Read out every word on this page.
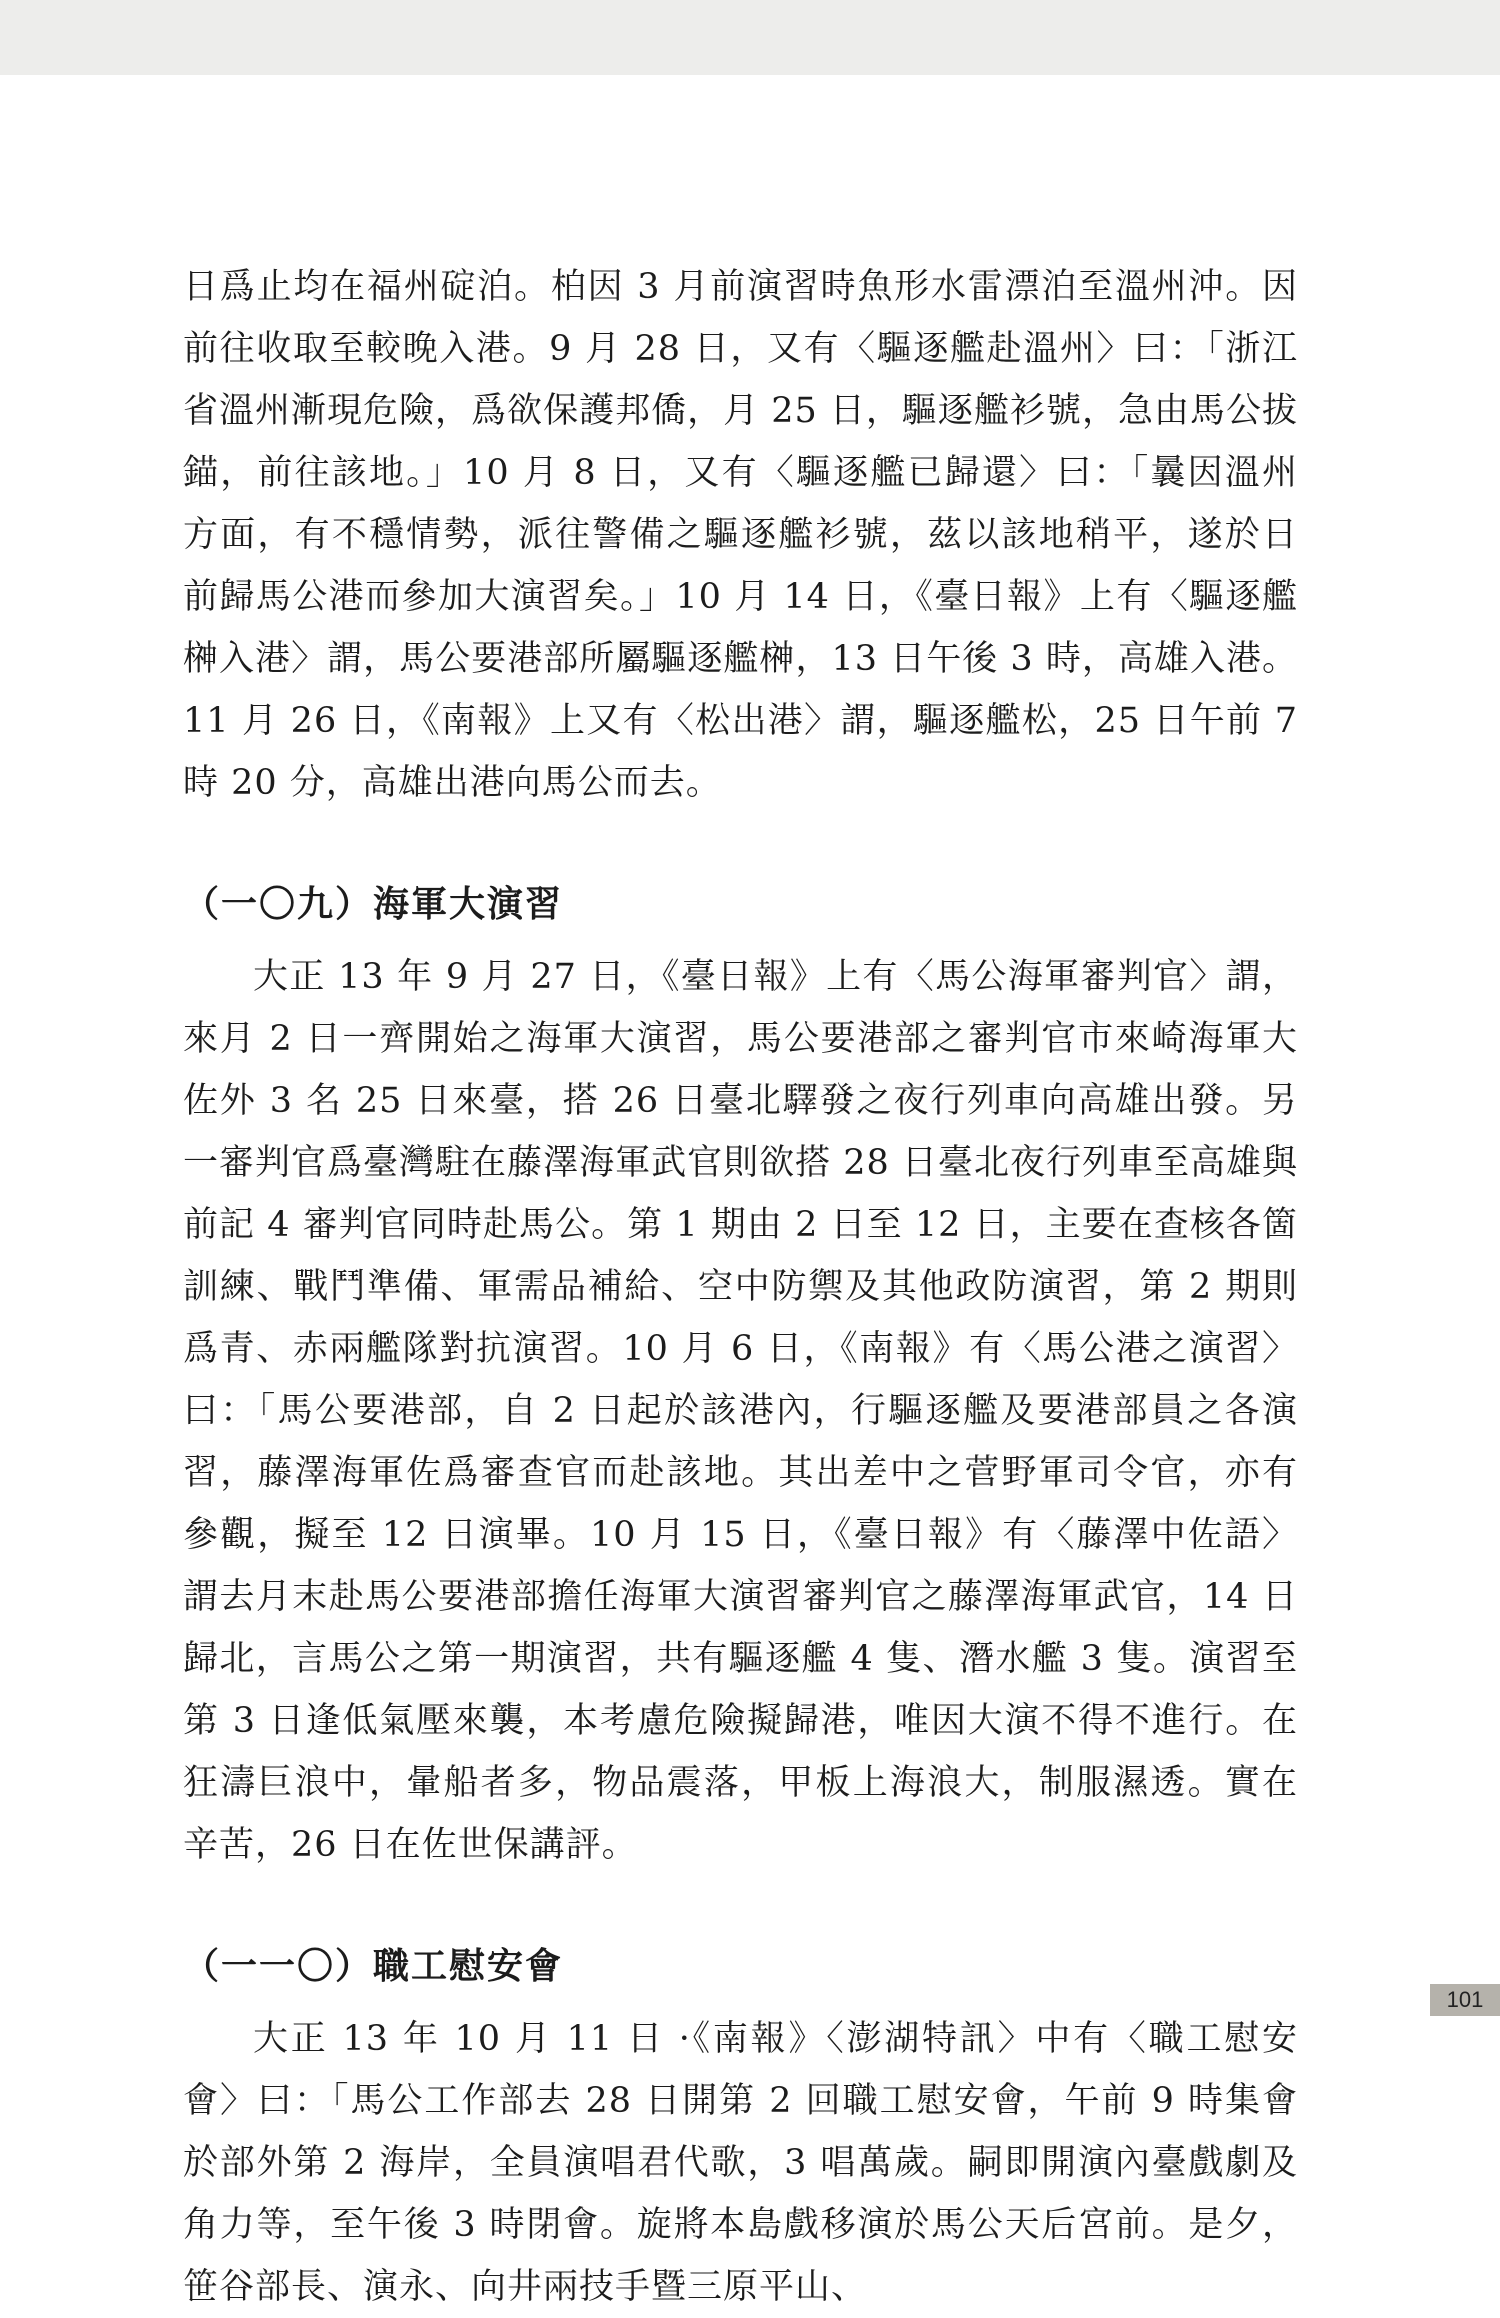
日爲止均在福州碇泊。柏因 3 月前演習時魚形水雷漂泊至溫州沖。因前往收取至較晚入港。9 月 28 日，又有〈驅逐艦赴溫州〉曰：「浙江省溫州漸現危險，爲欲保護邦僑，月 25 日，驅逐艦衫號，急由馬公拔錨，前往該地。」10 月 8 日，又有〈驅逐艦已歸還〉曰：「曩因溫州方面，有不穩情勢，派往警備之驅逐艦衫號，茲以該地稍平，遂於日前歸馬公港而參加大演習矣。」10 月 14 日，《臺日報》上有〈驅逐艦榊入港〉謂，馬公要港部所屬驅逐艦榊，13 日午後 3 時，高雄入港。11 月 26 日，《南報》上又有〈松出港〉謂，驅逐艦松，25 日午前 7 時 20 分，高雄出港向馬公而去。

（一〇九）海軍大演習

大正 13 年 9 月 27 日，《臺日報》上有〈馬公海軍審判官〉謂，來月 2 日一齊開始之海軍大演習，馬公要港部之審判官市來崎海軍大佐外 3 名 25 日來臺，搭 26 日臺北驛發之夜行列車向高雄出發。另一審判官爲臺灣駐在藤澤海軍武官則欲搭 28 日臺北夜行列車至高雄與前記 4 審判官同時赴馬公。第 1 期由 2 日至 12 日，主要在查核各箇訓練、戰鬥準備、軍需品補給、空中防禦及其他政防演習，第 2 期則爲青、赤兩艦隊對抗演習。10 月 6 日，《南報》有〈馬公港之演習〉曰：「馬公要港部，自 2 日起於該港內，行驅逐艦及要港部員之各演習，藤澤海軍佐爲審查官而赴該地。其出差中之菅野軍司令官，亦有參觀，擬至 12 日演畢。10 月 15 日，《臺日報》有〈藤澤中佐語〉謂去月末赴馬公要港部擔任海軍大演習審判官之藤澤海軍武官，14 日歸北，言馬公之第一期演習，共有驅逐艦 4 隻、潛水艦 3 隻。演習至第 3 日逢低氣壓來襲，本考慮危險擬歸港，唯因大演不得不進行。在狂濤巨浪中，暈船者多，物品震落，甲板上海浪大，制服濕透。實在辛苦，26 日在佐世保講評。

（一一〇）職工慰安會

大正 13 年 10 月 11 日 ·《南報》〈澎湖特訊〉中有〈職工慰安會〉曰：「馬公工作部去 28 日開第 2 回職工慰安會，午前 9 時集會於部外第 2 海岸，全員演唱君代歌，3 唱萬歲。嗣即開演內臺戲劇及角力等，至午後 3 時閉會。旋將本島戲移演於馬公天后宮前。是夕，笹谷部長、演永、向井兩技手暨三原平山、

101
